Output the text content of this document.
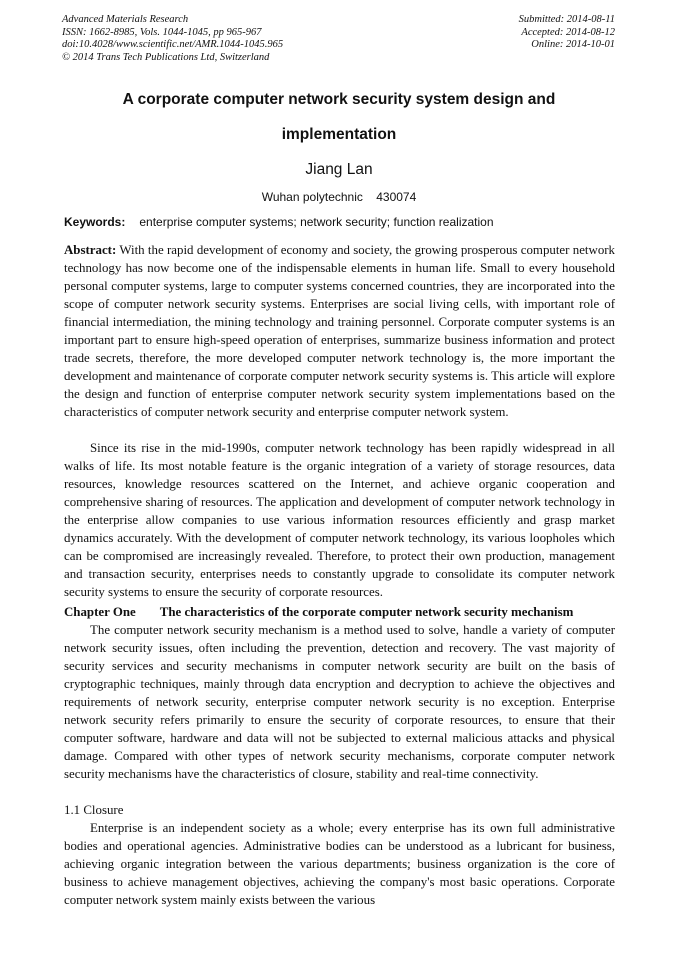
Advanced Materials Research
ISSN: 1662-8985, Vols. 1044-1045, pp 965-967
doi:10.4028/www.scientific.net/AMR.1044-1045.965
© 2014 Trans Tech Publications Ltd, Switzerland
Submitted: 2014-08-11
Accepted: 2014-08-12
Online: 2014-10-01
A corporate computer network security system design and
implementation
Jiang Lan
Wuhan polytechnic    430074
Keywords: enterprise computer systems; network security; function realization

Abstract: With the rapid development of economy and society, the growing prosperous computer network technology has now become one of the indispensable elements in human life. Small to every household personal computer systems, large to computer systems concerned countries, they are incorporated into the scope of computer network security systems. Enterprises are social living cells, with important role of financial intermediation, the mining technology and training personnel. Corporate computer systems is an important part to ensure high-speed operation of enterprises, summarize business information and protect trade secrets, therefore, the more developed computer network technology is, the more important the development and maintenance of corporate computer network security systems is. This article will explore the design and function of enterprise computer network security system implementations based on the characteristics of computer network security and enterprise computer network system.

Since its rise in the mid-1990s, computer network technology has been rapidly widespread in all walks of life. Its most notable feature is the organic integration of a variety of storage resources, data resources, knowledge resources scattered on the Internet, and achieve organic cooperation and comprehensive sharing of resources. The application and development of computer network technology in the enterprise allow companies to use various information resources efficiently and grasp market dynamics accurately. With the development of computer network technology, its various loopholes which can be compromised are increasingly revealed. Therefore, to protect their own production, management and transaction security, enterprises needs to constantly upgrade to consolidate its computer network security systems to ensure the security of corporate resources.

Chapter One The characteristics of the corporate computer network security mechanism

The computer network security mechanism is a method used to solve, handle a variety of computer network security issues, often including the prevention, detection and recovery. The vast majority of security services and security mechanisms in computer network security are built on the basis of cryptographic techniques, mainly through data encryption and decryption to achieve the objectives and requirements of network security, enterprise computer network security is no exception. Enterprise network security refers primarily to ensure the security of corporate resources, to ensure that their computer software, hardware and data will not be subjected to external malicious attacks and physical damage. Compared with other types of network security mechanisms, corporate computer network security mechanisms have the characteristics of closure, stability and real-time connectivity.

1.1 Closure

Enterprise is an independent society as a whole; every enterprise has its own full administrative bodies and operational agencies. Administrative bodies can be understood as a lubricant for business, achieving organic integration between the various departments; business organization is the core of business to achieve management objectives, achieving the company's most basic operations. Corporate computer network system mainly exists between the various
